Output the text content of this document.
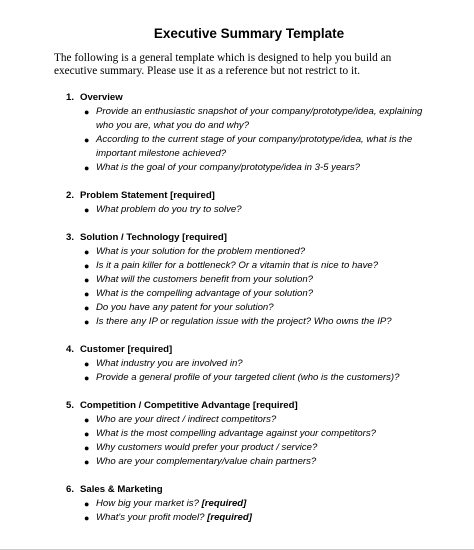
Executive Summary Template

The following is a general template which is designed to help you build an executive summary. Please use it as a reference but not restrict to it.

1. Overview
● Provide an enthusiastic snapshot of your company/prototype/idea, explaining who you are, what you do and why?
● According to the current stage of your company/prototype/idea, what is the important milestone achieved?
● What is the goal of your company/prototype/idea in 3-5 years?
2. Problem Statement [required]
● What problem do you try to solve?
3. Solution / Technology [required]
● What is your solution for the problem mentioned?
● Is it a pain killer for a bottleneck? Or a vitamin that is nice to have?
● What will the customers benefit from your solution?
● What is the compelling advantage of your solution?
● Do you have any patent for your solution?
● Is there any IP or regulation issue with the project? Who owns the IP?
4. Customer [required]
● What industry you are involved in?
● Provide a general profile of your targeted client (who is the customers)?
5. Competition / Competitive Advantage [required]
● Who are your direct / indirect competitors?
● What is the most compelling advantage against your competitors?
● Why customers would prefer your product / service?
● Who are your complementary/value chain partners?
6. Sales & Marketing
● How big your market is? [required]
● What's your profit model? [required]
